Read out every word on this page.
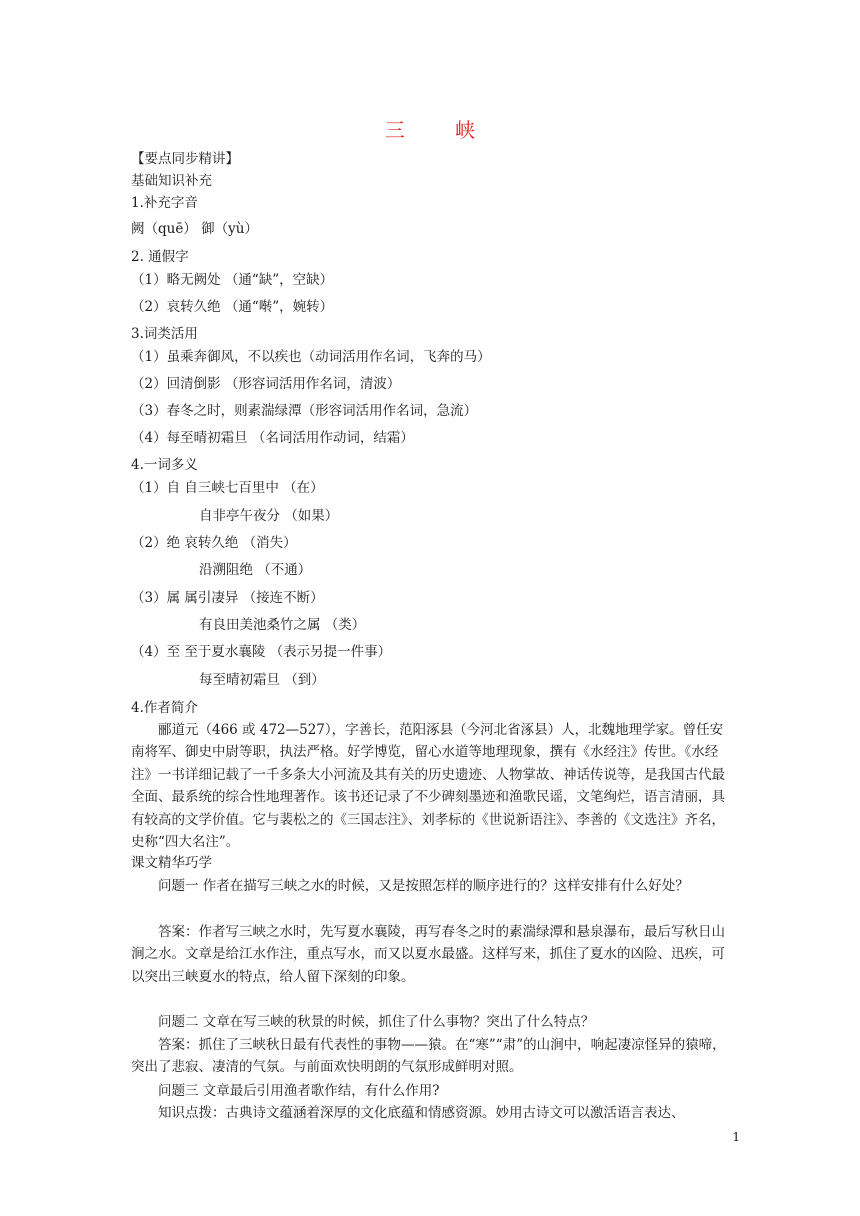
三 峡
【要点同步精讲】
基础知识补充
1.补充字音
阙（quē） 御（yù）
2. 通假字
（1）略无阙处 （通“缺”，空缺）
（2）哀转久绝 （通“啭”，婉转）
3.词类活用
（1）虽乘奔御风，不以疾也（动词活用作名词，飞奔的马）
（2）回清倒影 （形容词活用作名词，清波）
（3）春冬之时，则素湍绿潭（形容词活用作名词，急流）
（4）每至晴初霜旦 （名词活用作动词，结霜）
4.一词多义
（1）自 自三峡七百里中 （在）
自非亭午夜分 （如果）
（2）绝 哀转久绝 （消失）
沿溯阻绝 （不通）
（3）属 属引凄异 （接连不断）
有良田美池桑竹之属 （类）
（4）至 至于夏水襄陵 （表示另提一件事）
每至晴初霜旦 （到）
4.作者简介

郦道元（466 或 472—527），字善长，范阳涿县（今河北省涿县）人，北魏地理学家。曾任安南将军、御史中尉等职，执法严格。好学博览，留心水道等地理现象，撰有《水经注》传世。《水经注》一书详细记载了一千多条大小河流及其有关的历史遗迹、人物掌故、神话传说等，是我国古代最全面、最系统的综合性地理著作。该书还记录了不少碑刻墨迹和渔歌民谣，文笔绚烂，语言清丽，具有较高的文学价值。它与裴松之的《三国志注》、刘孝标的《世说新语注》、李善的《文选注》齐名，史称“四大名注”。

课文精华巧学

问题一 作者在描写三峡之水的时候，又是按照怎样的顺序进行的？这样安排有什么好处？

答案：作者写三峡之水时，先写夏水襄陵，再写春冬之时的素湍绿潭和悬泉瀑布，最后写秋日山涧之水。文章是给江水作注，重点写水，而又以夏水最盛。这样写来，抓住了夏水的凶险、迅疾，可以突出三峡夏水的特点，给人留下深刻的印象。

问题二 文章在写三峡的秋景的时候，抓住了什么事物？突出了什么特点？

答案：抓住了三峡秋日最有代表性的事物——猿。在“寒”“肃”的山涧中，响起凄凉怪异的猿啼，突出了悲寂、凄清的气氛。与前面欢快明朗的气氛形成鲜明对照。

问题三 文章最后引用渔者歌作结，有什么作用?

知识点拨：古典诗文蕴涵着深厚的文化底蕴和情感资源。妙用古诗文可以激活语言表达、

1
